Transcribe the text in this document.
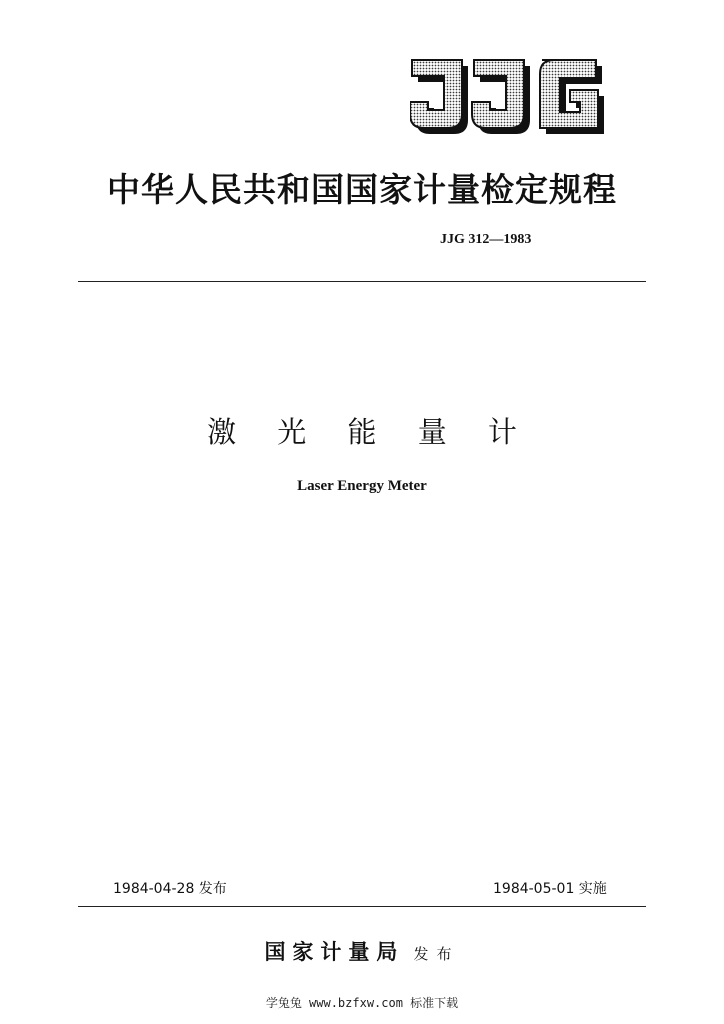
中华人民共和国国家计量检定规程
JJG 312—1983
激 光 能 量 计
Laser Energy Meter
1984-04-28 发布	1984-05-01 实施
国家计量局 发布
学兔兔 www.bzfxw.com 标准下载
